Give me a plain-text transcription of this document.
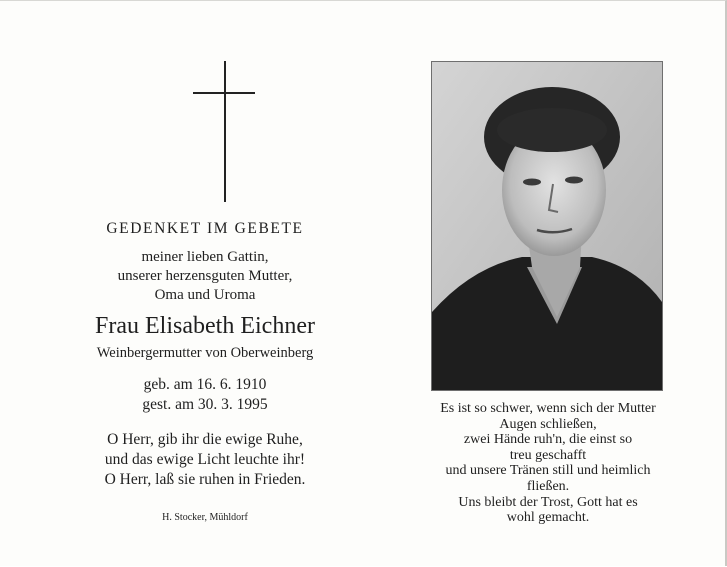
GEDENKET IM GEBETE
meiner lieben Gattin,
unserer herzensguten Mutter,
Oma und Uroma
Frau Elisabeth Eichner
Weinbergermutter von Oberweinberg
geb. am 16. 6. 1910
gest. am 30. 3. 1995
O Herr, gib ihr die ewige Ruhe,
und das ewige Licht leuchte ihr!
O Herr, laß sie ruhen in Frieden.
H. Stocker, Mühldorf
Es ist so schwer, wenn sich der Mutter
Augen schließen,
zwei Hände ruh'n, die einst so
treu geschafft
und unsere Tränen still und heimlich
fließen.
Uns bleibt der Trost, Gott hat es
wohl gemacht.
